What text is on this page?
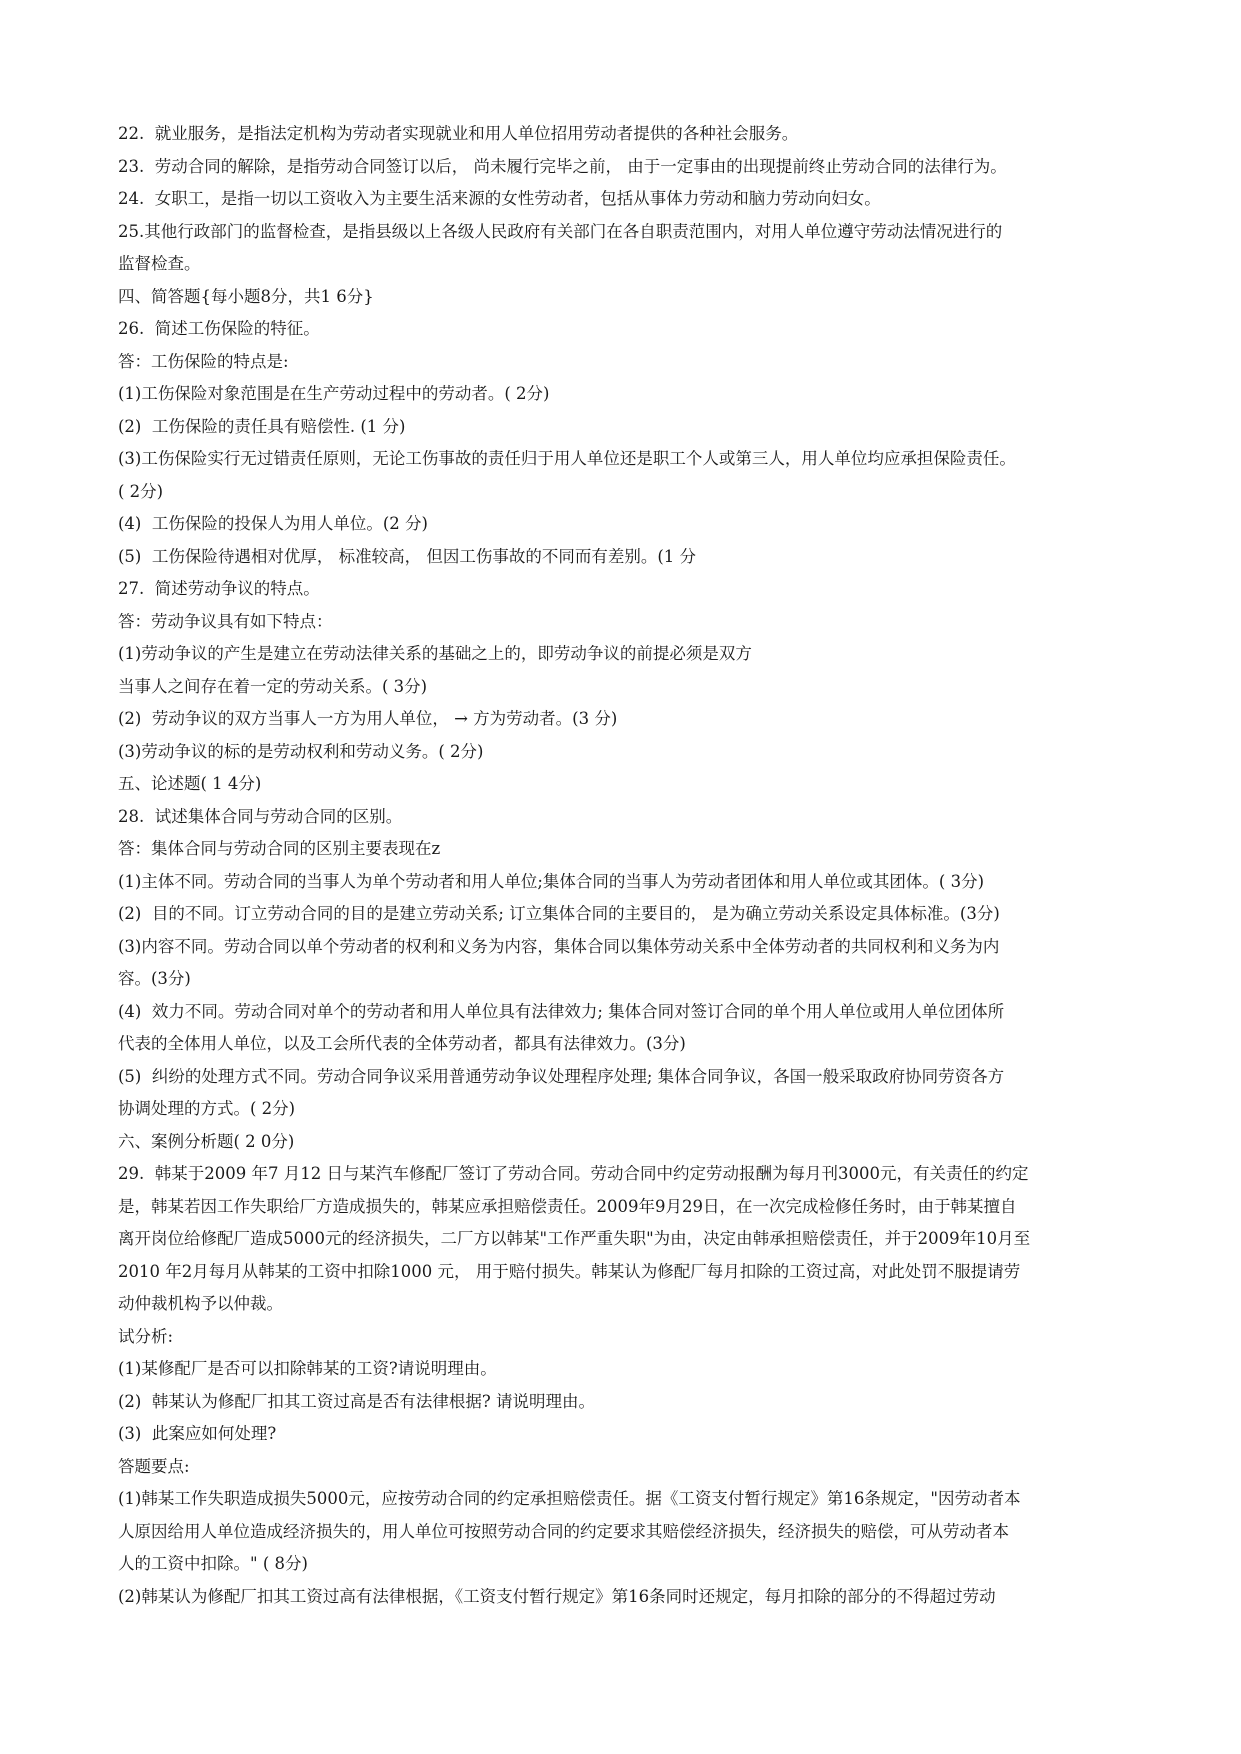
22.  就业服务，是指法定机构为劳动者实现就业和用人单位招用劳动者提供的各种社会服务。
23.  劳动合同的解除，是指劳动合同签订以后， 尚未履行完毕之前， 由于一定事由的出现提前终止劳动合同的法律行为。
24.  女职工，是指一切以工资收入为主要生活来源的女性劳动者，包括从事体力劳动和脑力劳动向妇女。
25.其他行政部门的监督检查，是指县级以上各级人民政府有关部门在各自职责范围内，对用人单位遵守劳动法情况进行的
监督检查。
四、简答题{每小题8分，共1 6分}
26.  简述工伤保险的特征。
答：工伤保险的特点是:
(1)工伤保险对象范围是在生产劳动过程中的劳动者。( 2分)
(2)  工伤保险的责任具有赔偿性. (1 分)
(3)工伤保险实行无过错责任原则，无论工伤事故的责任归于用人单位还是职工个人或第三人，用人单位均应承担保险责任。
( 2分)
(4)  工伤保险的投保人为用人单位。(2 分)
(5)  工伤保险待遇相对优厚， 标准较高， 但因工伤事故的不同而有差别。(1 分
27.  简述劳动争议的特点。
答：劳动争议具有如下特点：
(1)劳动争议的产生是建立在劳动法律关系的基础之上的，即劳动争议的前提必须是双方
当事人之间存在着一定的劳动关系。( 3分)
(2)  劳动争议的双方当事人一方为用人单位， → 方为劳动者。(3 分)
(3)劳动争议的标的是劳动权利和劳动义务。( 2分)
五、论述题( 1 4分)
28.  试述集体合同与劳动合同的区别。
答：集体合同与劳动合同的区别主要表现在z
(1)主体不同。劳动合同的当事人为单个劳动者和用人单位;集体合同的当事人为劳动者团体和用人单位或其团体。( 3分)
(2)  目的不同。订立劳动合同的目的是建立劳动关系; 订立集体合同的主要目的， 是为确立劳动关系设定具体标准。(3分)
(3)内容不同。劳动合同以单个劳动者的权利和义务为内容，集体合同以集体劳动关系中全体劳动者的共同权利和义务为内
容。(3分)
(4)  效力不同。劳动合同对单个的劳动者和用人单位具有法律效力; 集体合同对签订合同的单个用人单位或用人单位团体所
代表的全体用人单位，以及工会所代表的全体劳动者，都具有法律效力。(3分)
(5)  纠纷的处理方式不同。劳动合同争议采用普通劳动争议处理程序处理; 集体合同争议，各国一般采取政府协同劳资各方
协调处理的方式。( 2分)
六、案例分析题( 2 0分)
29.  韩某于2009 年7 月12 日与某汽车修配厂签订了劳动合同。劳动合同中约定劳动报酬为每月刊3000元，有关责任的约定
是，韩某若因工作失职给厂方造成损失的，韩某应承担赔偿责任。2009年9月29日，在一次完成检修任务时，由于韩某擅自
离开岗位给修配厂造成5000元的经济损失，二厂方以韩某"工作严重失职"为由，决定由韩承担赔偿责任，并于2009年10月至
2010 年2月每月从韩某的工资中扣除1000 元， 用于赔付损失。韩某认为修配厂每月扣除的工资过高，对此处罚不服提请劳
动仲裁机构予以仲裁。
试分析:
(1)某修配厂是否可以扣除韩某的工资?请说明理由。
(2)  韩某认为修配厂扣其工资过高是否有法律根据? 请说明理由。
(3)  此案应如何处理?
答题要点:
(1)韩某工作失职造成损失5000元，应按劳动合同的约定承担赔偿责任。据《工资支付暂行规定》第16条规定，"因劳动者本
人原因给用人单位造成经济损失的，用人单位可按照劳动合同的约定要求其赔偿经济损失，经济损失的赔偿，可从劳动者本
人的工资中扣除。" ( 8分)
(2)韩某认为修配厂扣其工资过高有法律根据，《工资支付暂行规定》第16条同时还规定，每月扣除的部分的不得超过劳动
